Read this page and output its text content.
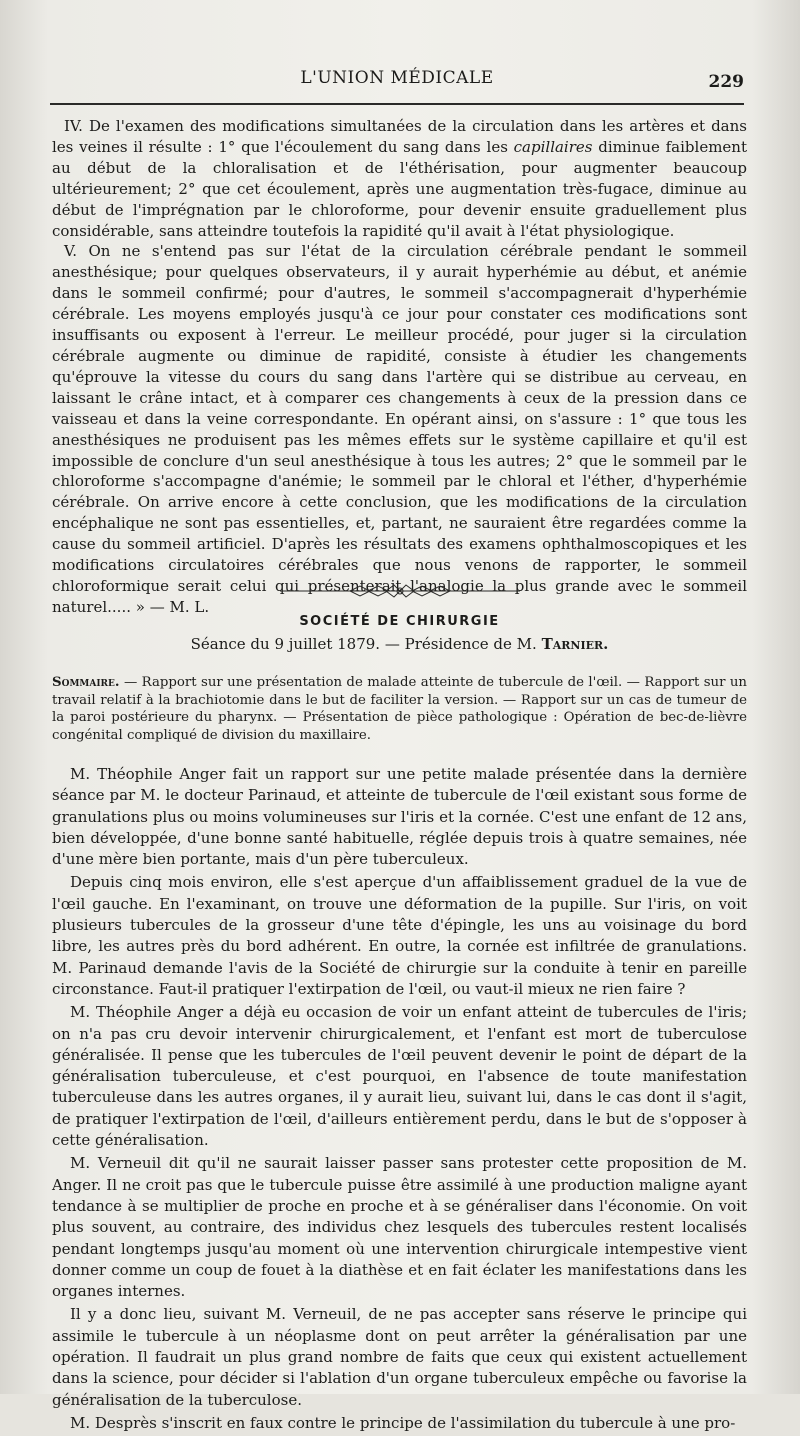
L'UNION MÉDICALE	229

IV. De l'examen des modifications simultanées de la circulation dans les artères et dans les veines il résulte : 1° que l'écoulement du sang dans les capillaires diminue faiblement au début de la chloralisation et de l'éthérisation, pour augmenter beaucoup ultérieurement; 2° que cet écoulement, après une augmentation très-fugace, diminue au début de l'imprégnation par le chloroforme, pour devenir ensuite graduellement plus considérable, sans atteindre toutefois la rapidité qu'il avait à l'état physiologique.

V. On ne s'entend pas sur l'état de la circulation cérébrale pendant le sommeil anesthésique; pour quelques observateurs, il y aurait hyperhémie au début, et anémie dans le sommeil confirmé; pour d'autres, le sommeil s'accompagnerait d'hyperhémie cérébrale. Les moyens employés jusqu'à ce jour pour constater ces modifications sont insuffisants ou exposent à l'erreur. Le meilleur procédé, pour juger si la circulation cérébrale augmente ou diminue de rapidité, consiste à étudier les changements qu'éprouve la vitesse du cours du sang dans l'artère qui se distribue au cerveau, en laissant le crâne intact, et à comparer ces changements à ceux de la pression dans ce vaisseau et dans la veine correspondante. En opérant ainsi, on s'assure : 1° que tous les anesthésiques ne produisent pas les mêmes effets sur le système capillaire et qu'il est impossible de conclure d'un seul anesthésique à tous les autres; 2° que le sommeil par le chloroforme s'accompagne d'anémie; le sommeil par le chloral et l'éther, d'hyperhémie cérébrale. On arrive encore à cette conclusion, que les modifications de la circulation encéphalique ne sont pas essentielles, et, partant, ne sauraient être regardées comme la cause du sommeil artificiel. D'après les résultats des examens ophthalmoscopiques et les modifications circulatoires cérébrales que nous venons de rapporter, le sommeil chloroformique serait celui qui présenterait l'analogie la plus grande avec le sommeil naturel..... » — M. L.

SOCIÉTÉ DE CHIRURGIE
Séance du 9 juillet 1879. — Présidence de M. Tarnier.
Sommaire. — Rapport sur une présentation de malade atteinte de tubercule de l'œil. — Rapport sur un travail relatif à la brachiotomie dans le but de faciliter la version. — Rapport sur un cas de tumeur de la paroi postérieure du pharynx. — Présentation de pièce pathologique : Opération de bec-de-lièvre congénital compliqué de division du maxillaire.

M. Théophile Anger fait un rapport sur une petite malade présentée dans la dernière séance par M. le docteur Parinaud, et atteinte de tubercule de l'œil existant sous forme de granulations plus ou moins volumineuses sur l'iris et la cornée. C'est une enfant de 12 ans, bien développée, d'une bonne santé habituelle, réglée depuis trois à quatre semaines, née d'une mère bien portante, mais d'un père tuberculeux.

Depuis cinq mois environ, elle s'est aperçue d'un affaiblissement graduel de la vue de l'œil gauche. En l'examinant, on trouve une déformation de la pupille. Sur l'iris, on voit plusieurs tubercules de la grosseur d'une tête d'épingle, les uns au voisinage du bord libre, les autres près du bord adhérent. En outre, la cornée est infiltrée de granulations. M. Parinaud demande l'avis de la Société de chirurgie sur la conduite à tenir en pareille circonstance. Faut-il pratiquer l'extirpation de l'œil, ou vaut-il mieux ne rien faire ?

M. Théophile Anger a déjà eu occasion de voir un enfant atteint de tubercules de l'iris; on n'a pas cru devoir intervenir chirurgicalement, et l'enfant est mort de tuberculose généralisée. Il pense que les tubercules de l'œil peuvent devenir le point de départ de la généralisation tuberculeuse, et c'est pourquoi, en l'absence de toute manifestation tuberculeuse dans les autres organes, il y aurait lieu, suivant lui, dans le cas dont il s'agit, de pratiquer l'extirpation de l'œil, d'ailleurs entièrement perdu, dans le but de s'opposer à cette généralisation.

M. Verneuil dit qu'il ne saurait laisser passer sans protester cette proposition de M. Anger. Il ne croit pas que le tubercule puisse être assimilé à une production maligne ayant tendance à se multiplier de proche en proche et à se généraliser dans l'économie. On voit plus souvent, au contraire, des individus chez lesquels des tubercules restent localisés pendant longtemps jusqu'au moment où une intervention chirurgicale intempestive vient donner comme un coup de fouet à la diathèse et en fait éclater les manifestations dans les organes internes.

Il y a donc lieu, suivant M. Verneuil, de ne pas accepter sans réserve le principe qui assimile le tubercule à un néoplasme dont on peut arrêter la généralisation par une opération. Il faudrait un plus grand nombre de faits que ceux qui existent actuellement dans la science, pour décider si l'ablation d'un organe tuberculeux empêche ou favorise la généralisation de la tuberculose.

M. Desprès s'inscrit en faux contre le principe de l'assimilation du tubercule à une pro-
